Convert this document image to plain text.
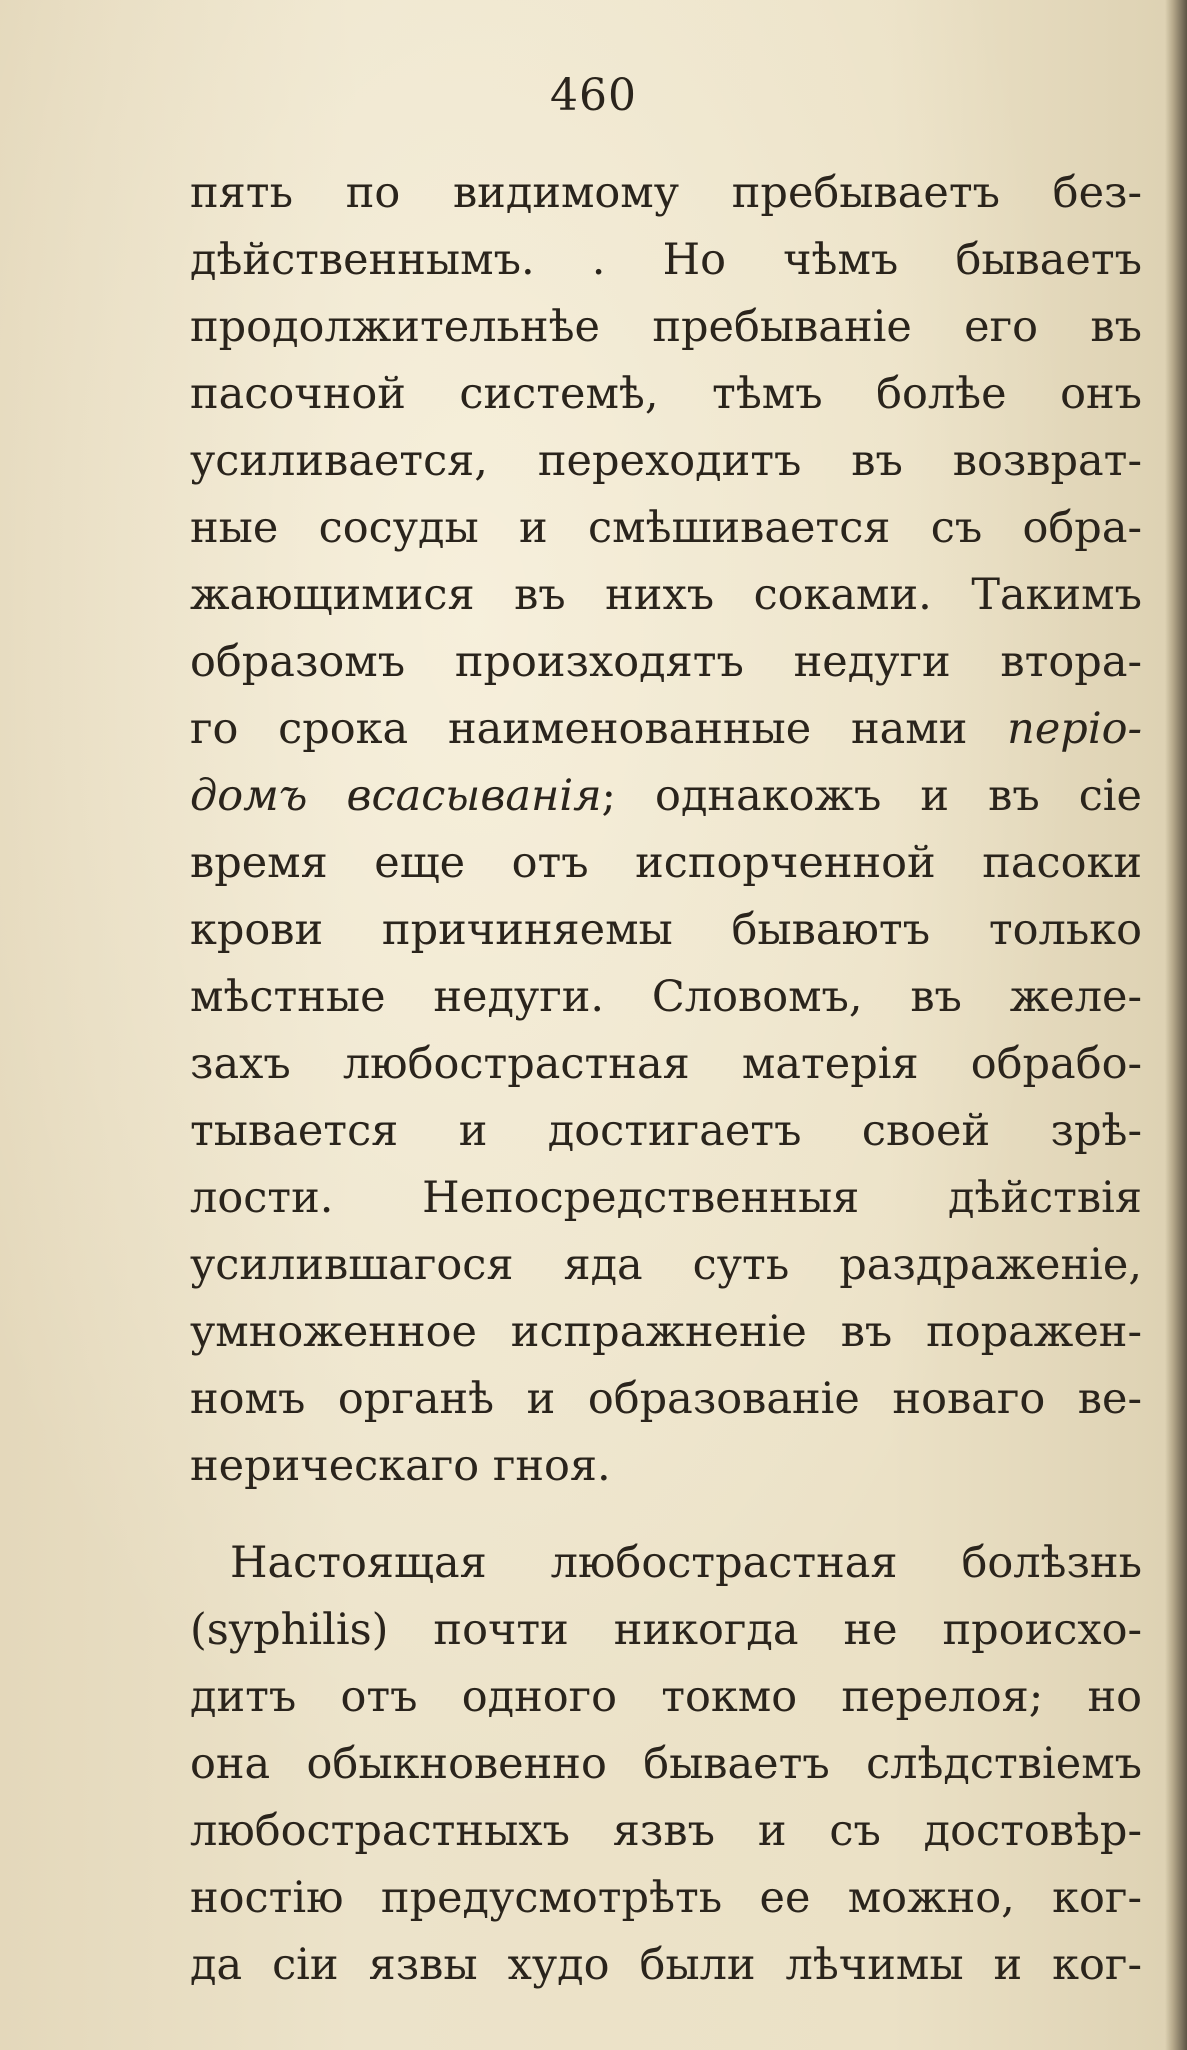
460
пять по видимому пребываетъ без-
дѣйственнымъ. . Но чѣмъ бываетъ
продолжительнѣе пребываніе его въ
пасочной системѣ, тѣмъ болѣе онъ
усиливается, переходитъ въ возврат-
ные сосуды и смѣшивается съ обра-
жающимися въ нихъ соками. Такимъ
образомъ произходятъ недуги втора-
го срока наименованные нами періо-
домъ всасыванія; однакожъ и въ сіе
время еще отъ испорченной пасоки
крови причиняемы бываютъ только
мѣстные недуги. Словомъ, въ желе-
захъ любострастная матерія обрабо-
тывается и достигаетъ своей зрѣ-
лости. Непосредственныя дѣйствія
усилившагося яда суть раздраженіе,
умноженное испражненіе въ поражен-
номъ органѣ и образованіе новаго ве-
нерическаго гноя.
Настоящая любострастная болѣзнь
(syphilis) почти никогда не происхо-
дитъ отъ одного токмо перелоя; но
она обыкновенно бываетъ слѣдствіемъ
любострастныхъ язвъ и съ достовѣр-
ностію предусмотрѣть ее можно, ког-
да сіи язвы худо были лѣчимы и ког-
